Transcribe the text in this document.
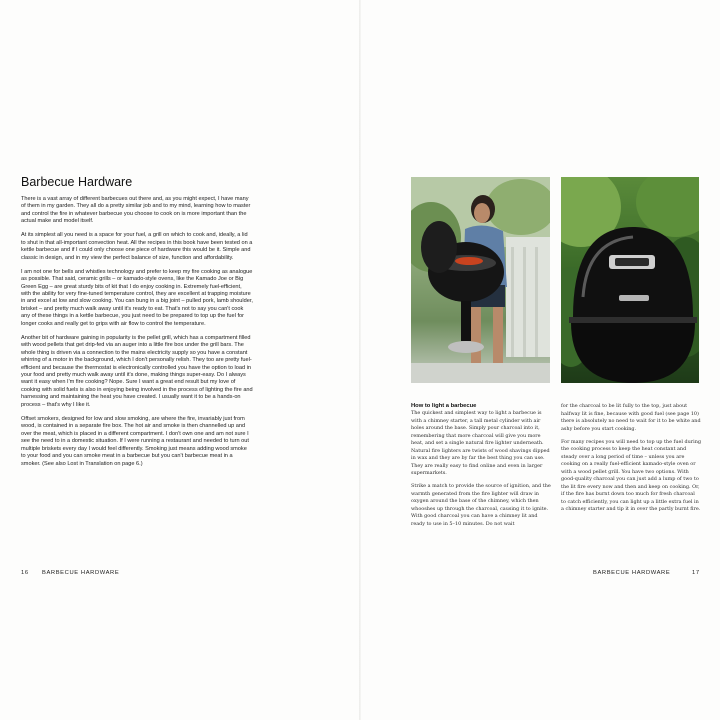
Barbecue Hardware

There is a vast array of different barbecues out there and, as you might expect, I have many of them in my garden. They all do a pretty similar job and to my mind, learning how to master and control the fire in whatever barbecue you choose to cook on is more important than the actual make and model itself.

At its simplest all you need is a space for your fuel, a grill on which to cook and, ideally, a lid to shut in that all-important convection heat. All the recipes in this book have been tested on a kettle barbecue and if I could only choose one piece of hardware this would be it. Simple and classic in design, and in my view the perfect balance of size, function and affordability.

I am not one for bells and whistles technology and prefer to keep my fire cooking as analogue as possible. That said, ceramic grills – or kamado-style ovens, like the Kamado Joe or Big Green Egg – are great sturdy bits of kit that I do enjoy cooking in. Extremely fuel-efficient, with the ability for very fine-tuned temperature control, they are excellent at trapping moisture in and excel at low and slow cooking. You can bung in a big joint – pulled pork, lamb shoulder, brisket – and pretty much walk away until it's ready to eat. That's not to say you can't cook any of these things in a kettle barbecue, you just need to be prepared to top up the fuel for longer cooks and really get to grips with air flow to control the temperature.

Another bit of hardware gaining in popularity is the pellet grill, which has a compartment filled with wood pellets that get drip-fed via an auger into a little fire box under the grill bars. The whole thing is driven via a connection to the mains electricity supply so you have a constant whirring of a motor in the background, which I don't personally relish. They too are pretty fuel-efficient and because the thermostat is electronically controlled you have the option to load in your food and pretty much walk away until it's done, making things super-easy. Do I always want it easy when I'm fire cooking? Nope. Sure I want a great end result but my love of cooking with solid fuels is also in enjoying being involved in the process of lighting the fire and harnessing and maintaining the heat you have created. I usually want it to be a hands-on process – that's why I like it.

Offset smokers, designed for low and slow smoking, are where the fire, invariably just from wood, is contained in a separate fire box. The hot air and smoke is then channelled up and over the meat, which is placed in a different compartment. I don't own one and am not sure I see the need to in a domestic situation. If I were running a restaurant and needed to turn out multiple briskets every day I would feel differently. Smoking just means adding wood smoke to your food and you can smoke meat in a barbecue but you can't barbecue meat in a smoker. (See also Lost in Translation on page 6.)

16 BARBECUE HARDWARE
How to light a barbecue

The quickest and simplest way to light a barbecue is with a chimney starter, a tall metal cylinder with air holes around the base. Simply pour charcoal into it, remembering that more charcoal will give you more heat, and set a single natural fire lighter underneath. Natural fire lighters are twists of wood shavings dipped in wax and they are by far the best thing you can use. They are really easy to find online and even in larger supermarkets.

Strike a match to provide the source of ignition, and the warmth generated from the fire lighter will draw in oxygen around the base of the chimney, which then whooshes up through the charcoal, causing it to ignite. With good charcoal you can have a chimney lit and ready to use in 5–10 minutes. Do not wait

for the charcoal to be lit fully to the top, just about halfway lit is fine, because with good fuel (see page 10) there is absolutely no need to wait for it to be white and ashy before you start cooking.

For many recipes you will need to top up the fuel during the cooking process to keep the heat constant and steady over a long period of time – unless you are cooking on a really fuel-efficient kamado-style oven or with a wood pellet grill. You have two options. With good-quality charcoal you can just add a lump of two to the lit fire every now and then and keep on cooking. Or, if the fire has burnt down too much for fresh charcoal to catch efficiently, you can light up a little extra fuel in a chimney starter and tip it in over the partly burnt fire.

BARBECUE HARDWARE	17
